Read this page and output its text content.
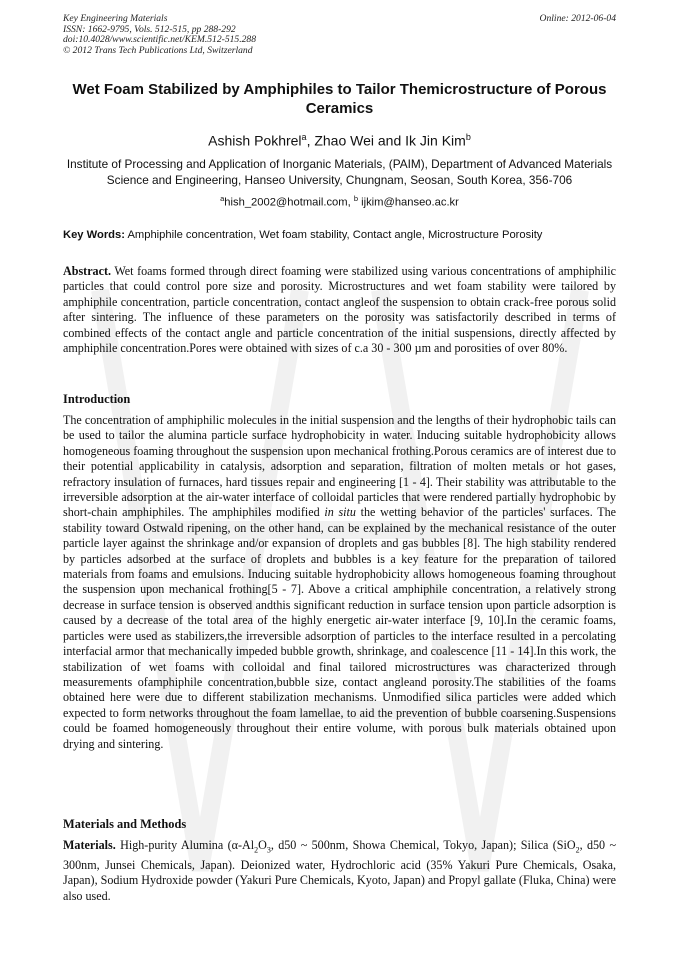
Key Engineering Materials
ISSN: 1662-9795, Vols. 512-515, pp 288-292
doi:10.4028/www.scientific.net/KEM.512-515.288
© 2012 Trans Tech Publications Ltd, Switzerland
Online: 2012-06-04
Wet Foam Stabilized by Amphiphiles to Tailor Themicrostructure of Porous Ceramics
Ashish Pokhrel$^a$, Zhao Wei and Ik Jin Kim$^b$
Institute of Processing and Application of Inorganic Materials, (PAIM), Department of Advanced Materials Science and Engineering, Hanseo University, Chungnam, Seosan, South Korea, 356-706
$^a$hish_2002@hotmail.com, $^b$ ijkim@hanseo.ac.kr
Key Words: Amphiphile concentration, Wet foam stability, Contact angle, Microstructure Porosity
Abstract. Wet foams formed through direct foaming were stabilized using various concentrations of amphiphilic particles that could control pore size and porosity. Microstructures and wet foam stability were tailored by amphiphile concentration, particle concentration, contact angleof the suspension to obtain crack-free porous solid after sintering. The influence of these parameters on the porosity was satisfactorily described in terms of combined effects of the contact angle and particle concentration of the initial suspensions, directly affected by amphiphile concentration.Pores were obtained with sizes of c.a 30 - 300 µm and porosities of over 80%.
Introduction
The concentration of amphiphilic molecules in the initial suspension and the lengths of their hydrophobic tails can be used to tailor the alumina particle surface hydrophobicity in water. Inducing suitable hydrophobicity allows homogeneous foaming throughout the suspension upon mechanical frothing.Porous ceramics are of interest due to their potential applicability in catalysis, adsorption and separation, filtration of molten metals or hot gases, refractory insulation of furnaces, hard tissues repair and engineering [1 - 4]. Their stability was attributable to the irreversible adsorption at the air-water interface of colloidal particles that were rendered partially hydrophobic by short-chain amphiphiles. The amphiphiles modified in situ the wetting behavior of the particles' surfaces. The stability toward Ostwald ripening, on the other hand, can be explained by the mechanical resistance of the outer particle layer against the shrinkage and/or expansion of droplets and gas bubbles [8]. The high stability rendered by particles adsorbed at the surface of droplets and bubbles is a key feature for the preparation of tailored materials from foams and emulsions. Inducing suitable hydrophobicity allows homogeneous foaming throughout the suspension upon mechanical frothing[5 - 7]. Above a critical amphiphile concentration, a relatively strong decrease in surface tension is observed andthis significant reduction in surface tension upon particle adsorption is caused by a decrease of the total area of the highly energetic air-water interface [9, 10].In the ceramic foams, particles were used as stabilizers,the irreversible adsorption of particles to the interface resulted in a percolating interfacial armor that mechanically impeded bubble growth, shrinkage, and coalescence [11 - 14].In this work, the stabilization of wet foams with colloidal and final tailored microstructures was characterized through measurements ofamphiphile concentration,bubble size, contact angleand porosity.The stabilities of the foams obtained here were due to different stabilization mechanisms. Unmodified silica particles were added which expected to form networks throughout the foam lamellae, to aid the prevention of bubble coarsening.Suspensions could be foamed homogeneously throughout their entire volume, with porous bulk materials obtained upon drying and sintering.
Materials and Methods
Materials. High-purity Alumina ($\alpha-Al_2O_3$, d50 ~ 500nm, Showa Chemical, Tokyo, Japan); Silica (SiO$_2$, d50 ~ 300nm, Junsei Chemicals, Japan). Deionized water, Hydrochloric acid (35% Yakuri Pure Chemicals, Osaka, Japan), Sodium Hydroxide powder (Yakuri Pure Chemicals, Kyoto, Japan) and Propyl gallate (Fluka, China) were also used.
